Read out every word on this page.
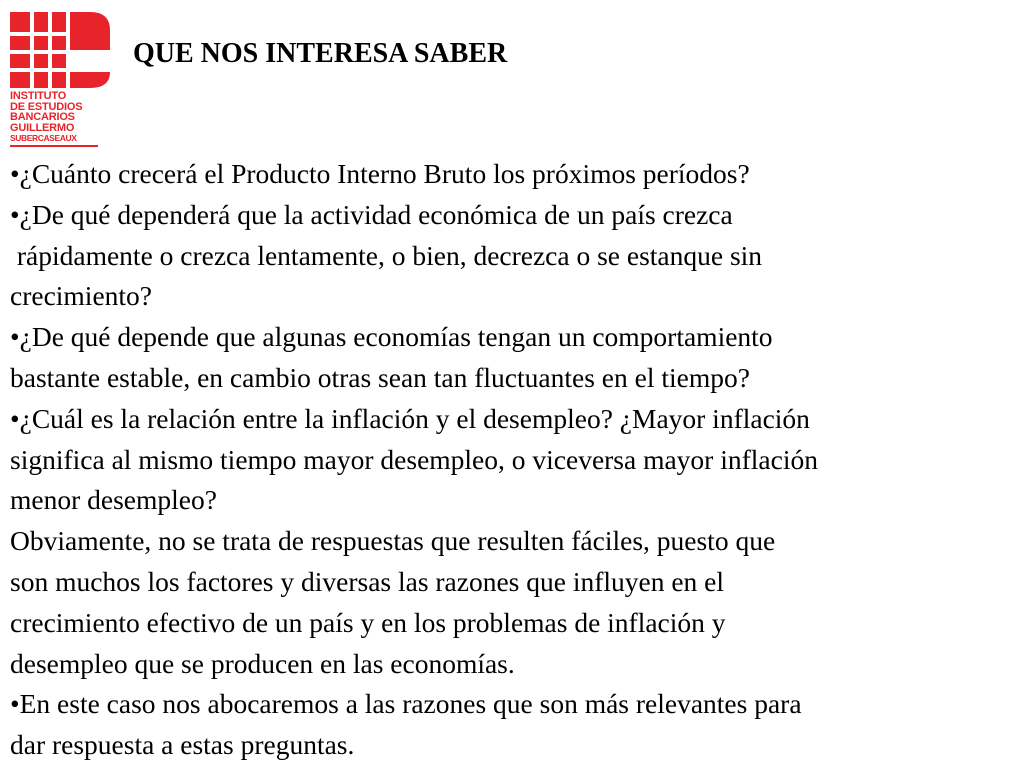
INSTITUTO
DE ESTUDIOS
BANCARIOS
GUILLERMO
SUBERCASEAUX
QUE NOS INTERESA SABER

•¿Cuánto crecerá el Producto Interno Bruto los próximos períodos?

•¿De qué dependerá que la actividad económica de un país crezca

rápidamente o crezca lentamente, o bien, decrezca o se estanque sin

crecimiento?

•¿De qué depende que algunas economías tengan un comportamiento

bastante estable, en cambio otras sean tan fluctuantes en el tiempo?

•¿Cuál es la relación entre la inflación y el desempleo? ¿Mayor inflación

significa al mismo tiempo mayor desempleo, o viceversa mayor inflación

menor desempleo?

Obviamente, no se trata de respuestas que resulten fáciles, puesto que

son muchos los factores y diversas las razones que influyen en el

crecimiento efectivo de un país y en los problemas de inflación y

desempleo que se producen en las economías.

•En este caso nos abocaremos a las razones que son más relevantes para

dar respuesta a estas preguntas.
